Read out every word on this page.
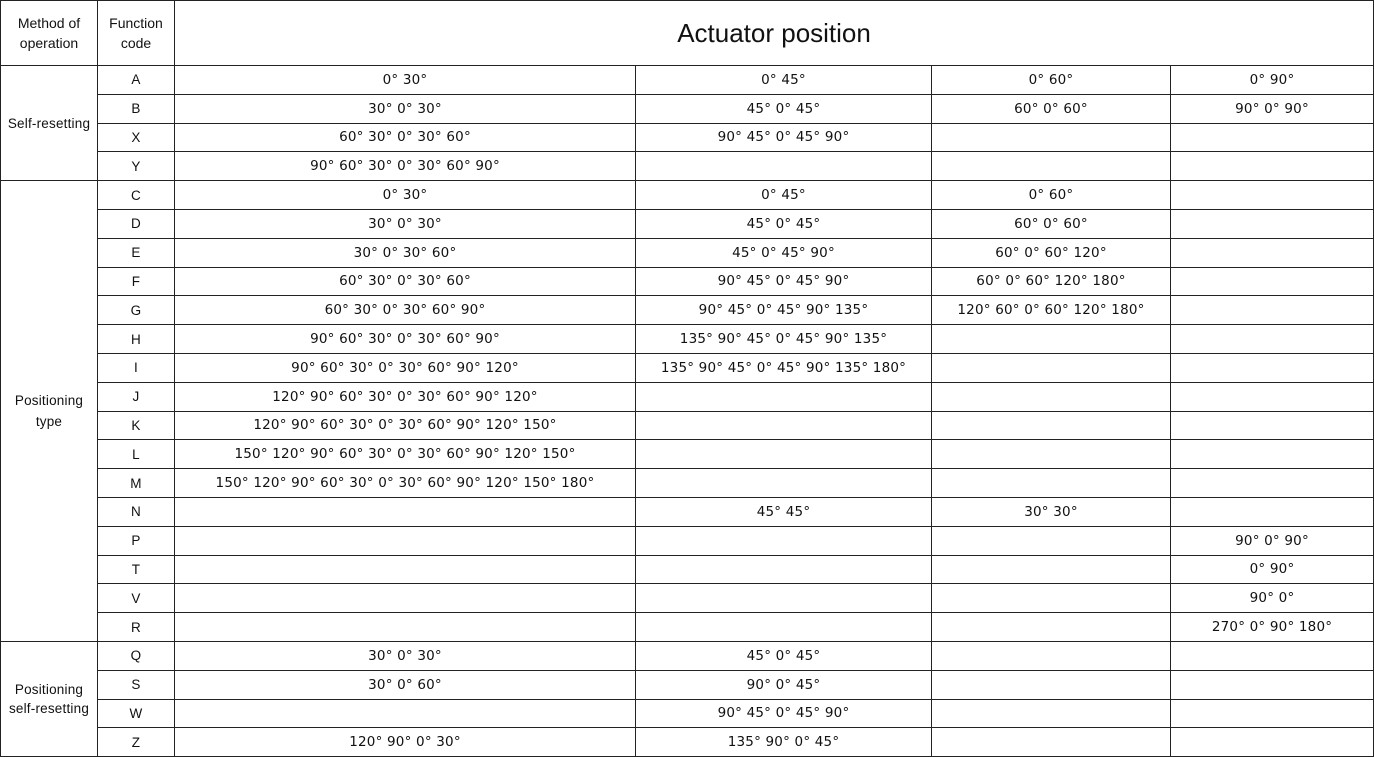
Method of
operation	Function
code	Actuator position			
Self-resetting	A	0° 30°	0° 45°	0° 60°	0° 90°
	B	30° 0° 30°	45° 0° 45°	60° 0° 60°	90° 0° 90°
	X	60° 30° 0° 30° 60°	90° 45° 0° 45° 90°		
	Y	90° 60° 30° 0° 30° 60° 90°			
Positioning
type	C	0° 30°	0° 45°	0° 60°	
	D	30° 0° 30°	45° 0° 45°	60° 0° 60°	
	E	30° 0° 30° 60°	45° 0° 45° 90°	60° 0° 60° 120°	
	F	60° 30° 0° 30° 60°	90° 45° 0° 45° 90°	60° 0° 60° 120° 180°	
	G	60° 30° 0° 30° 60° 90°	90° 45° 0° 45° 90° 135°	120° 60° 0° 60° 120° 180°	
	H	90° 60° 30° 0° 30° 60° 90°	135° 90° 45° 0° 45° 90° 135°		
	I	90° 60° 30° 0° 30° 60° 90° 120°	135° 90° 45° 0° 45° 90° 135° 180°		
	J	120° 90° 60° 30° 0° 30° 60° 90° 120°			
	K	120° 90° 60° 30° 0° 30° 60° 90° 120° 150°			
	L	150° 120° 90° 60° 30° 0° 30° 60° 90° 120° 150°			
	M	150° 120° 90° 60° 30° 0° 30° 60° 90° 120° 150° 180°			
	N		45° 45°	30° 30°	
	P				90° 0° 90°
	T				0° 90°
	V				90° 0°
	R				270° 0° 90° 180°
Positioning
self-resetting	Q	30° 0° 30°	45° 0° 45°		
	S	30° 0° 60°	90° 0° 45°		
	W		90° 45° 0° 45° 90°		
	Z	120° 90° 0° 30°	135° 90° 0° 45°		
